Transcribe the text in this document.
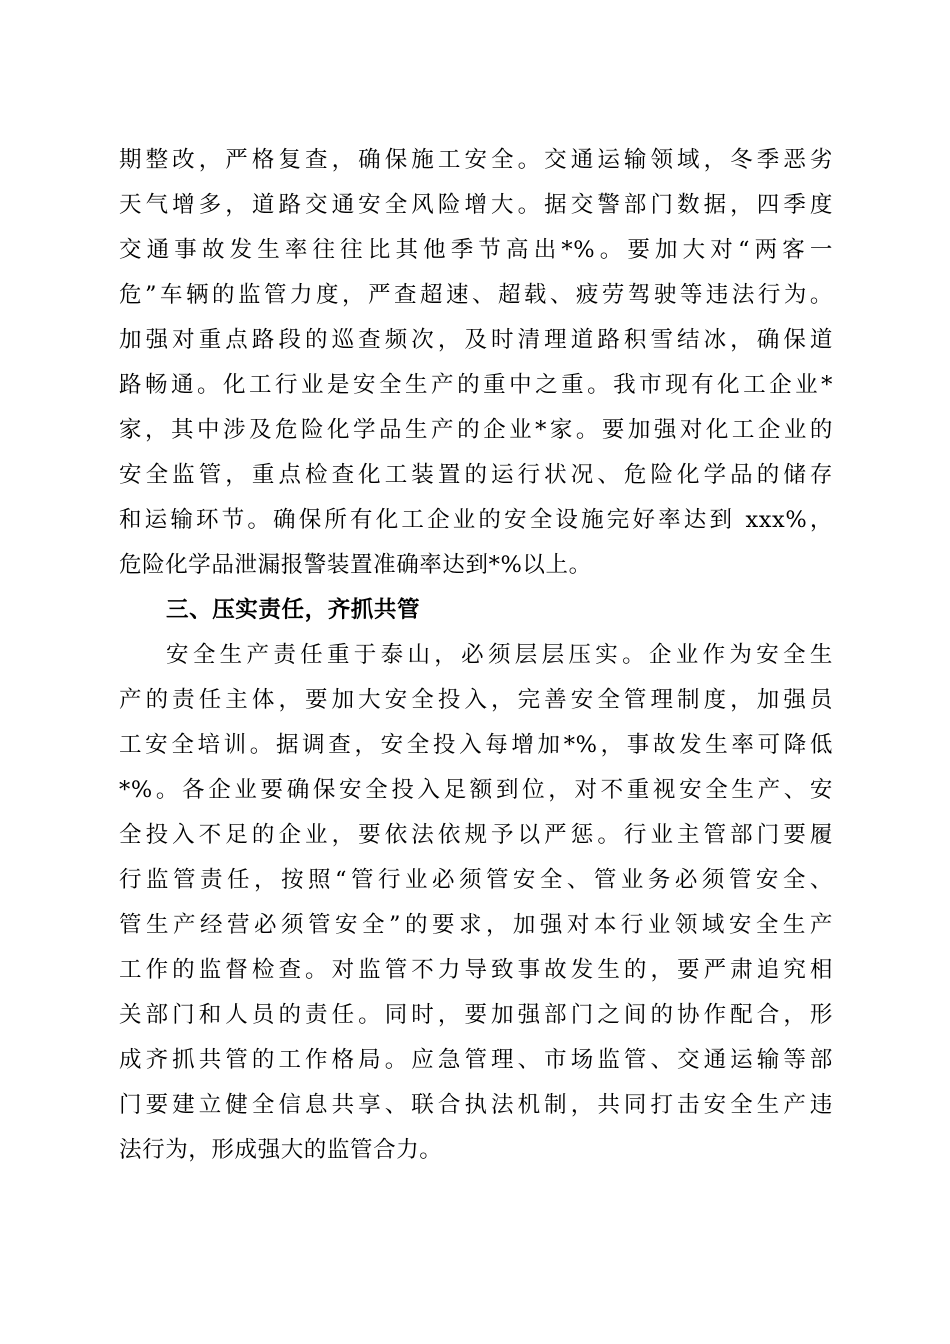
期整改，严格复查，确保施工安全。交通运输领域，冬季恶劣
天气增多，道路交通安全风险增大。据交警部门数据，四季度
交通事故发生率往往比其他季节高出*%。要加大对“两客一
危”车辆的监管力度，严查超速、超载、疲劳驾驶等违法行为。
加强对重点路段的巡查频次，及时清理道路积雪结冰，确保道
路畅通。化工行业是安全生产的重中之重。我市现有化工企业*
家，其中涉及危险化学品生产的企业*家。要加强对化工企业的
安全监管，重点检查化工装置的运行状况、危险化学品的储存
和运输环节。确保所有化工企业的安全设施完好率达到 xxx%，
危险化学品泄漏报警装置准确率达到*%以上。
三、压实责任，齐抓共管
安全生产责任重于泰山，必须层层压实。企业作为安全生
产的责任主体，要加大安全投入，完善安全管理制度，加强员
工安全培训。据调查，安全投入每增加*%，事故发生率可降低
*%。各企业要确保安全投入足额到位，对不重视安全生产、安
全投入不足的企业，要依法依规予以严惩。行业主管部门要履
行监管责任，按照“管行业必须管安全、管业务必须管安全、
管生产经营必须管安全”的要求，加强对本行业领域安全生产
工作的监督检查。对监管不力导致事故发生的，要严肃追究相
关部门和人员的责任。同时，要加强部门之间的协作配合，形
成齐抓共管的工作格局。应急管理、市场监管、交通运输等部
门要建立健全信息共享、联合执法机制，共同打击安全生产违
法行为，形成强大的监管合力。
